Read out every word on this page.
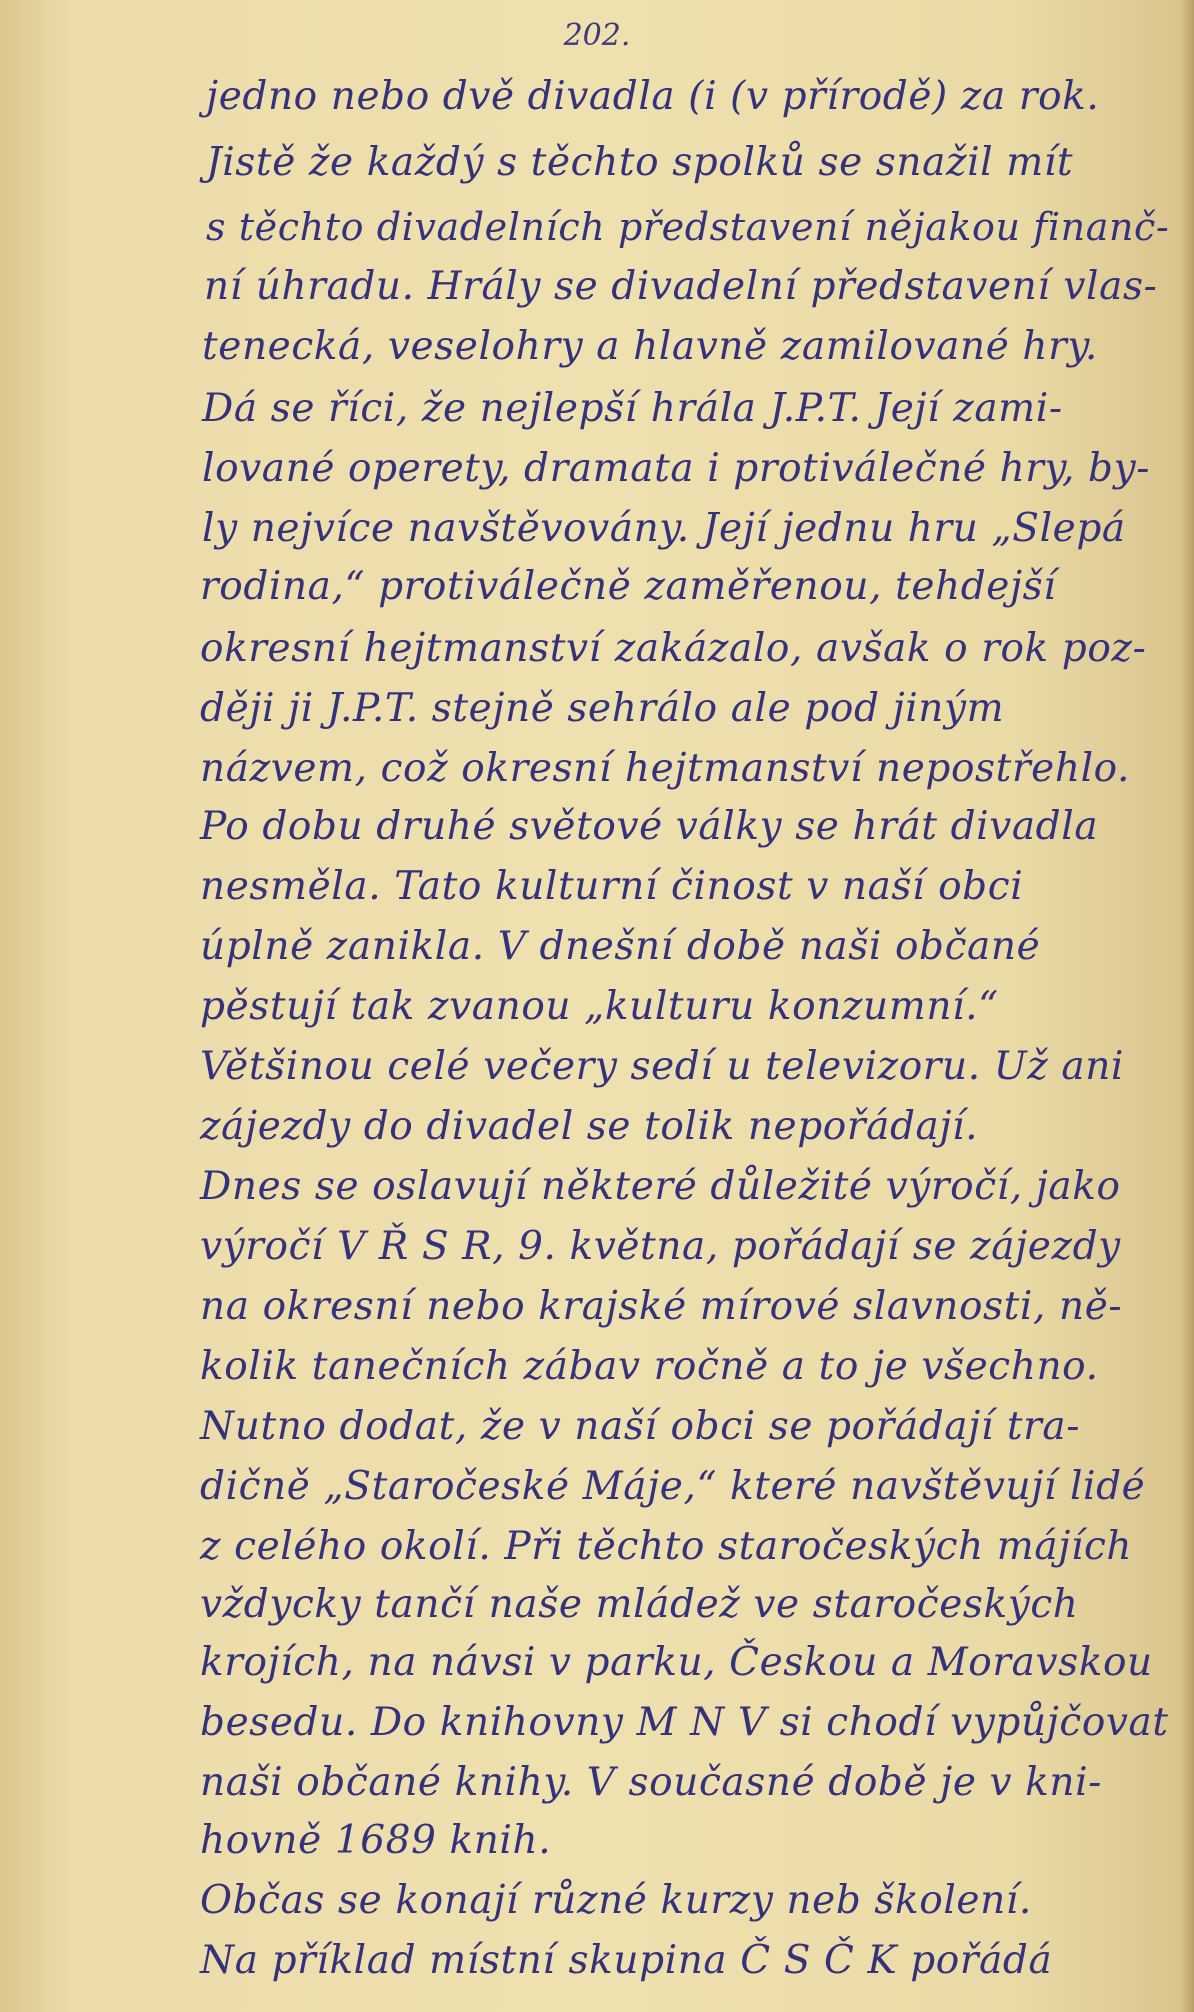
202.
jedno nebo dvě divadla (i (v přírodě) za rok.
Jistě že každý s těchto spolků se snažil mít
s těchto divadelních představení nějakou finanč-
ní úhradu. Hrály se divadelní představení vlas-
tenecká, veselohry a hlavně zamilované hry.
Dá se říci, že nejlepší hrála J.P.T. Její zami-
lované operety, dramata i protiválečné hry, by-
ly nejvíce navštěvovány. Její jednu hru „Slepá
rodina,“ protiválečně zaměřenou, tehdejší
okresní hejtmanství zakázalo, avšak o rok poz-
ději ji J.P.T. stejně sehrálo ale pod jiným
názvem, což okresní hejtmanství nepostřehlo.
Po dobu druhé světové války se hrát divadla
nesměla. Tato kulturní činost v naší obci
úplně zanikla. V dnešní době naši občané
pěstují tak zvanou „kulturu konzumní.“
Většinou celé večery sedí u televizoru. Už ani
zájezdy do divadel se tolik nepořádají.
Dnes se oslavují některé důležité výročí, jako
výročí V Ř S R, 9. května, pořádají se zájezdy
na okresní nebo krajské mírové slavnosti, ně-
kolik tanečních zábav ročně a to je všechno.
Nutno dodat, že v naší obci se pořádají tra-
dičně „Staročeské Máje,“ které navštěvují lidé
z celého okolí. Při těchto staročeských májích
vždycky tančí naše mládež ve staročeských
krojích, na návsi v parku, Českou a Moravskou
besedu. Do knihovny M N V si chodí vypůjčovat
naši občané knihy. V současné době je v kni-
hovně 1689 knih.
Občas se konají různé kurzy neb školení.
Na příklad místní skupina Č S Č K pořádá
